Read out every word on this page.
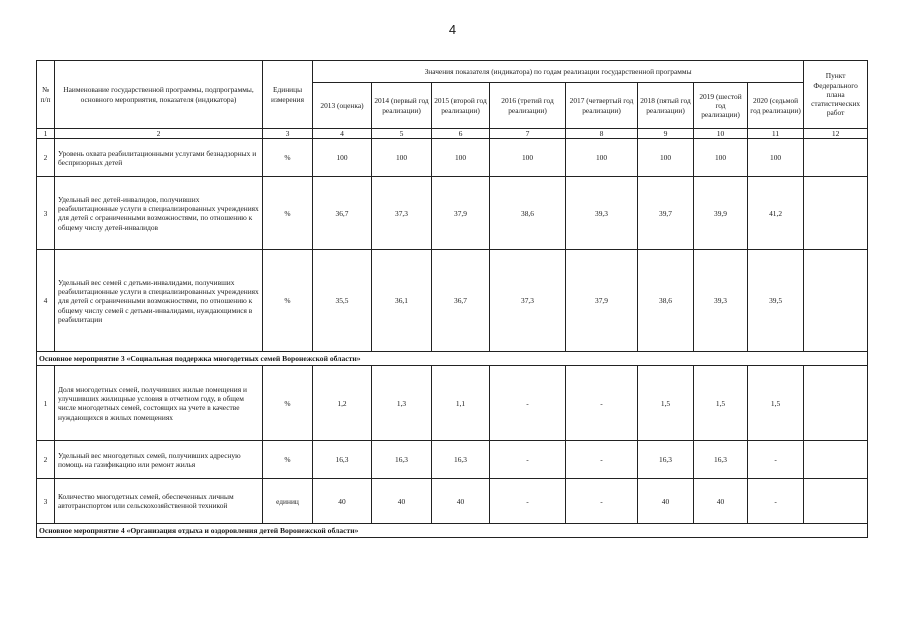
4
№ п/п	Наименование государственной программы, подпрограммы, основного мероприятия, показателя (индикатора)	Единицы измерения	Значения показателя (индикатора) по годам реализации государственной программы								Пункт Федерального плана статистических работ
			2013 (оценка)	2014 (первый год реализации)	2015 (второй год реализации)	2016 (третий год реализации)	2017 (четвертый год реализации)	2018 (пятый год реализации)	2019 (шестой год реализации)	2020 (седьмой год реализации)	
1	2	3	4	5	6	7	8	9	10	11	12
2	Уровень охвата реабилитационными услугами безнадзорных и беспризорных детей	%	100	100	100	100	100	100	100	100	
3	Удельный вес детей-инвалидов, получивших реабилитационные услуги в специализированных учреждениях для детей с ограниченными возможностями, по отношению к общему числу детей-инвалидов	%	36,7	37,3	37,9	38,6	39,3	39,7	39,9	41,2	
4	Удельный вес семей с детьми-инвалидами, получивших реабилитационные услуги в специализированных учреждениях для детей с ограниченными возможностями, по отношению к общему числу семей с детьми-инвалидами, нуждающимися в реабилитации	%	35,5	36,1	36,7	37,3	37,9	38,6	39,3	39,5	
Основное мероприятие 3 «Социальная поддержка многодетных семей Воронежской области»											
1	Доля многодетных семей, получивших жилые помещения и улучшивших жилищные условия в отчетном году, в общем числе многодетных семей, состоящих на учете в качестве нуждающихся в жилых помещениях	%	1,2	1,3	1,1	-	-	1,5	1,5	1,5	
2	Удельный вес многодетных семей, получивших адресную помощь на газификацию или ремонт жилья	%	16,3	16,3	16,3	-	-	16,3	16,3	-	
3	Количество многодетных семей, обеспеченных личным автотранспортом или сельскохозяйственной техникой	единиц	40	40	40	-	-	40	40	-	
Основное мероприятие 4 «Организация отдыха и оздоровления детей Воронежской области»											
